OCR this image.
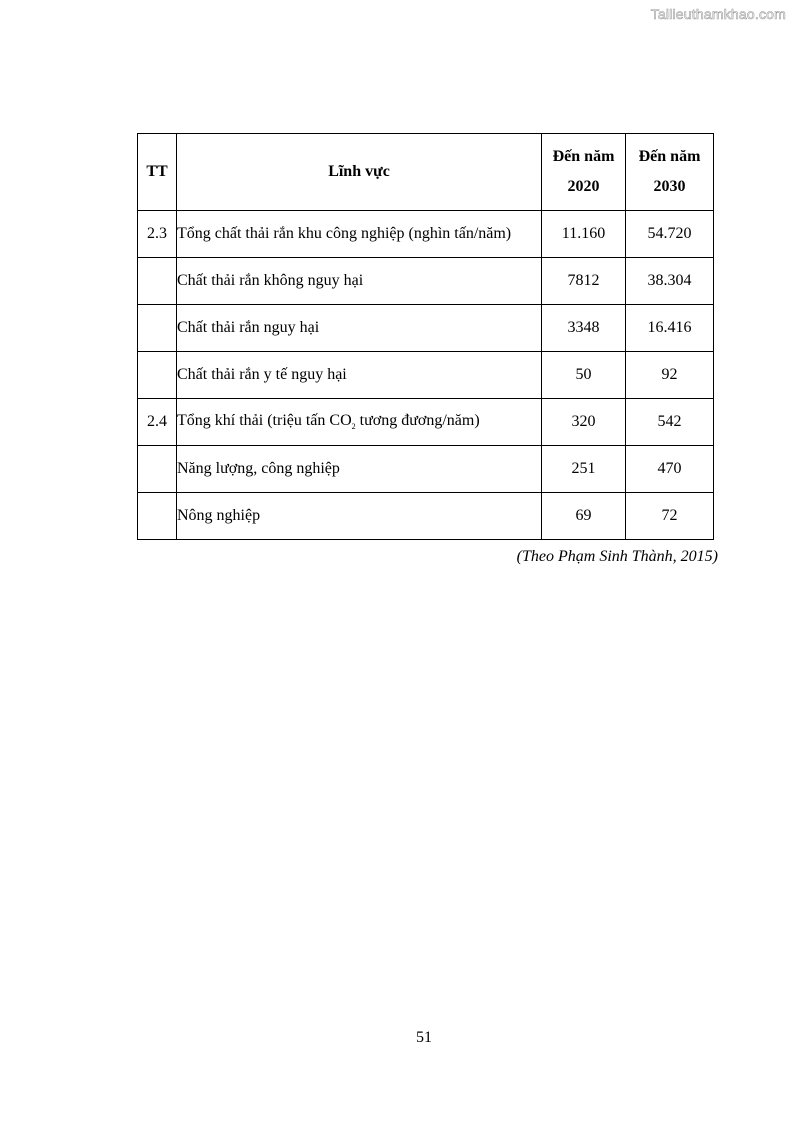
Tailieuthamkhao.com
TT	Lĩnh vực	Đến năm 2020	Đến năm 2030
2.3	Tổng chất thải rắn khu công nghiệp (nghìn tấn/năm)	11.160	54.720
	Chất thải rắn không nguy hại	7812	38.304
	Chất thải rắn nguy hại	3348	16.416
	Chất thải rắn y tế nguy hại	50	92
2.4	Tổng khí thải (triệu tấn $CO_2$ tương đương/năm)	320	542
	Năng lượng, công nghiệp	251	470
	Nông nghiệp	69	72
(Theo Phạm Sinh Thành, 2015)
51
